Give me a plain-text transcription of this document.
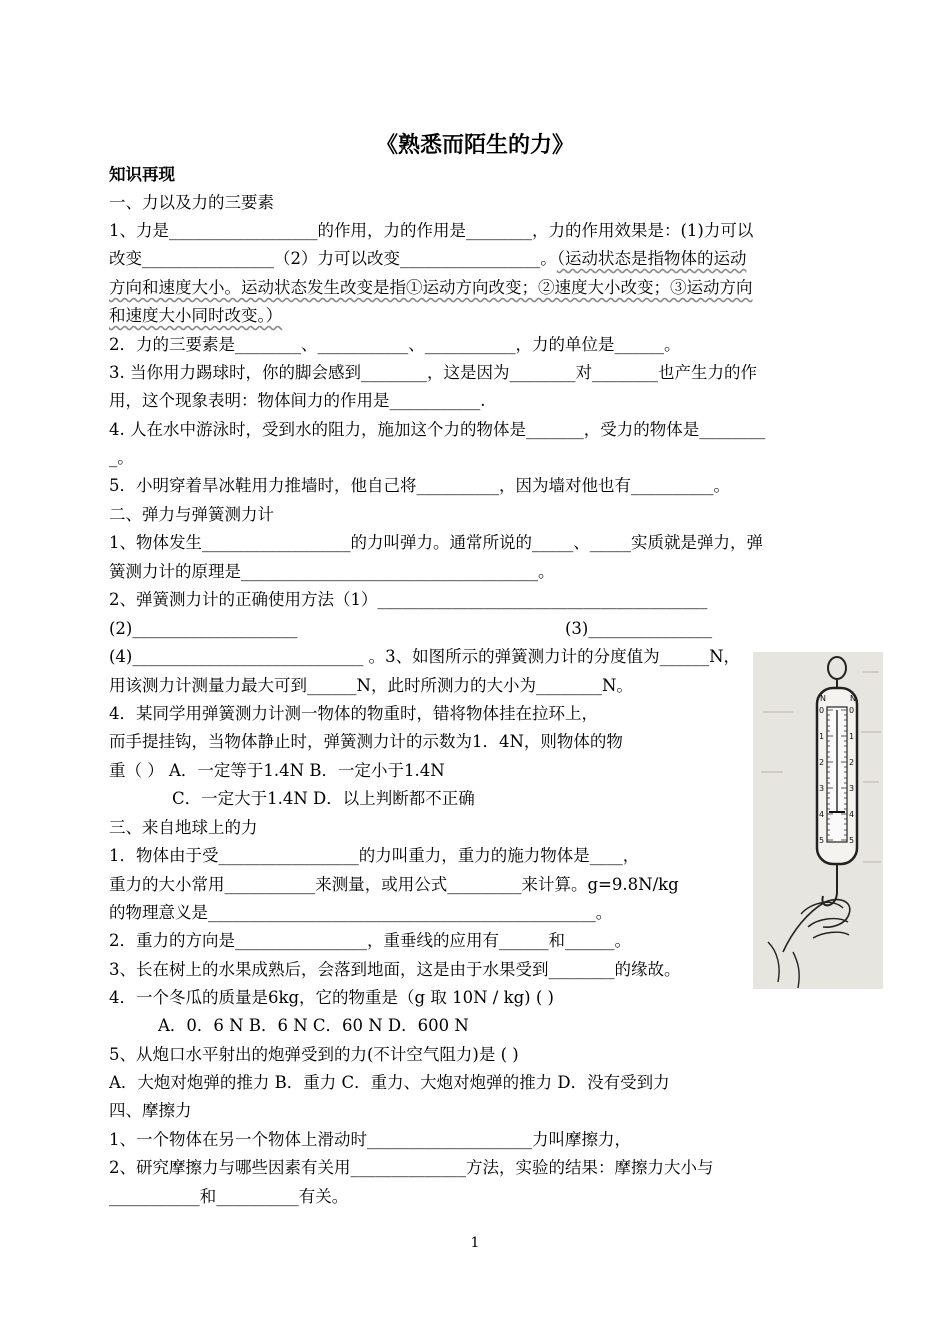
《熟悉而陌生的力》
知识再现
一、力以及力的三要素
1、力是__________________的作用，力的作用是________，力的作用效果是：(1)力可以
改变________________（2）力可以改变_________________。（运动状态是指物体的运动
方向和速度大小。运动状态发生改变是指①运动方向改变；②速度大小改变；③运动方向
和速度大小同时改变。）
2．力的三要素是________、___________、___________，力的单位是______。
3. 当你用力踢球时，你的脚会感到________，这是因为________对________也产生力的作
用，这个现象表明：物体间力的作用是___________.
4. 人在水中游泳时，受到水的阻力，施加这个力的物体是_______，受力的物体是________
_。
5．小明穿着旱冰鞋用力推墙时，他自己将__________，因为墙对他也有__________。
二、弹力与弹簧测力计
1、物体发生__________________的力叫弹力。通常所说的_____、_____实质就是弹力，弹
簧测力计的原理是____________________________________。
2、弹簧测力计的正确使用方法（1）________________________________________
(2)____________________	(3)_______________
(4)____________________________ 。3、如图所示的弹簧测力计的分度值为______N，
用该测力计测量力最大可到______N，此时所测力的大小为________N。
4．某同学用弹簧测力计测一物体的物重时，错将物体挂在拉环上，
而手提挂钩，当物体静止时，弹簧测力计的示数为1．4N，则物体的物
重（ ） A．一定等于1.4N B．一定小于1.4N
C．一定大于1.4N D．以上判断都不正确
三、来自地球上的力
1．物体由于受_________________的力叫重力，重力的施力物体是____，
重力的大小常用___________来测量，或用公式_________来计算。g=9.8N/kg
的物理意义是_______________________________________________。
2．重力的方向是________________，重垂线的应用有______和______。
3、长在树上的水果成熟后，会落到地面，这是由于水果受到________的缘故。
4．一个冬瓜的质量是6kg，它的物重是（g 取 10N / kg) ( )
A．0．6 N B．6 N C．60 N D．600 N
5、从炮口水平射出的炮弹受到的力(不计空气阻力)是 ( )
A．大炮对炮弹的推力 B．重力 C．重力、大炮对炮弹的推力 D．没有受到力
四、摩擦力
1、一个物体在另一个物体上滑动时____________________力叫摩擦力，
2、研究摩擦力与哪些因素有关用______________方法，实验的结果：摩擦力大小与
___________和__________有关。
N	N
0
1
2
3
4
5
0
1
2
3
4
5
1
